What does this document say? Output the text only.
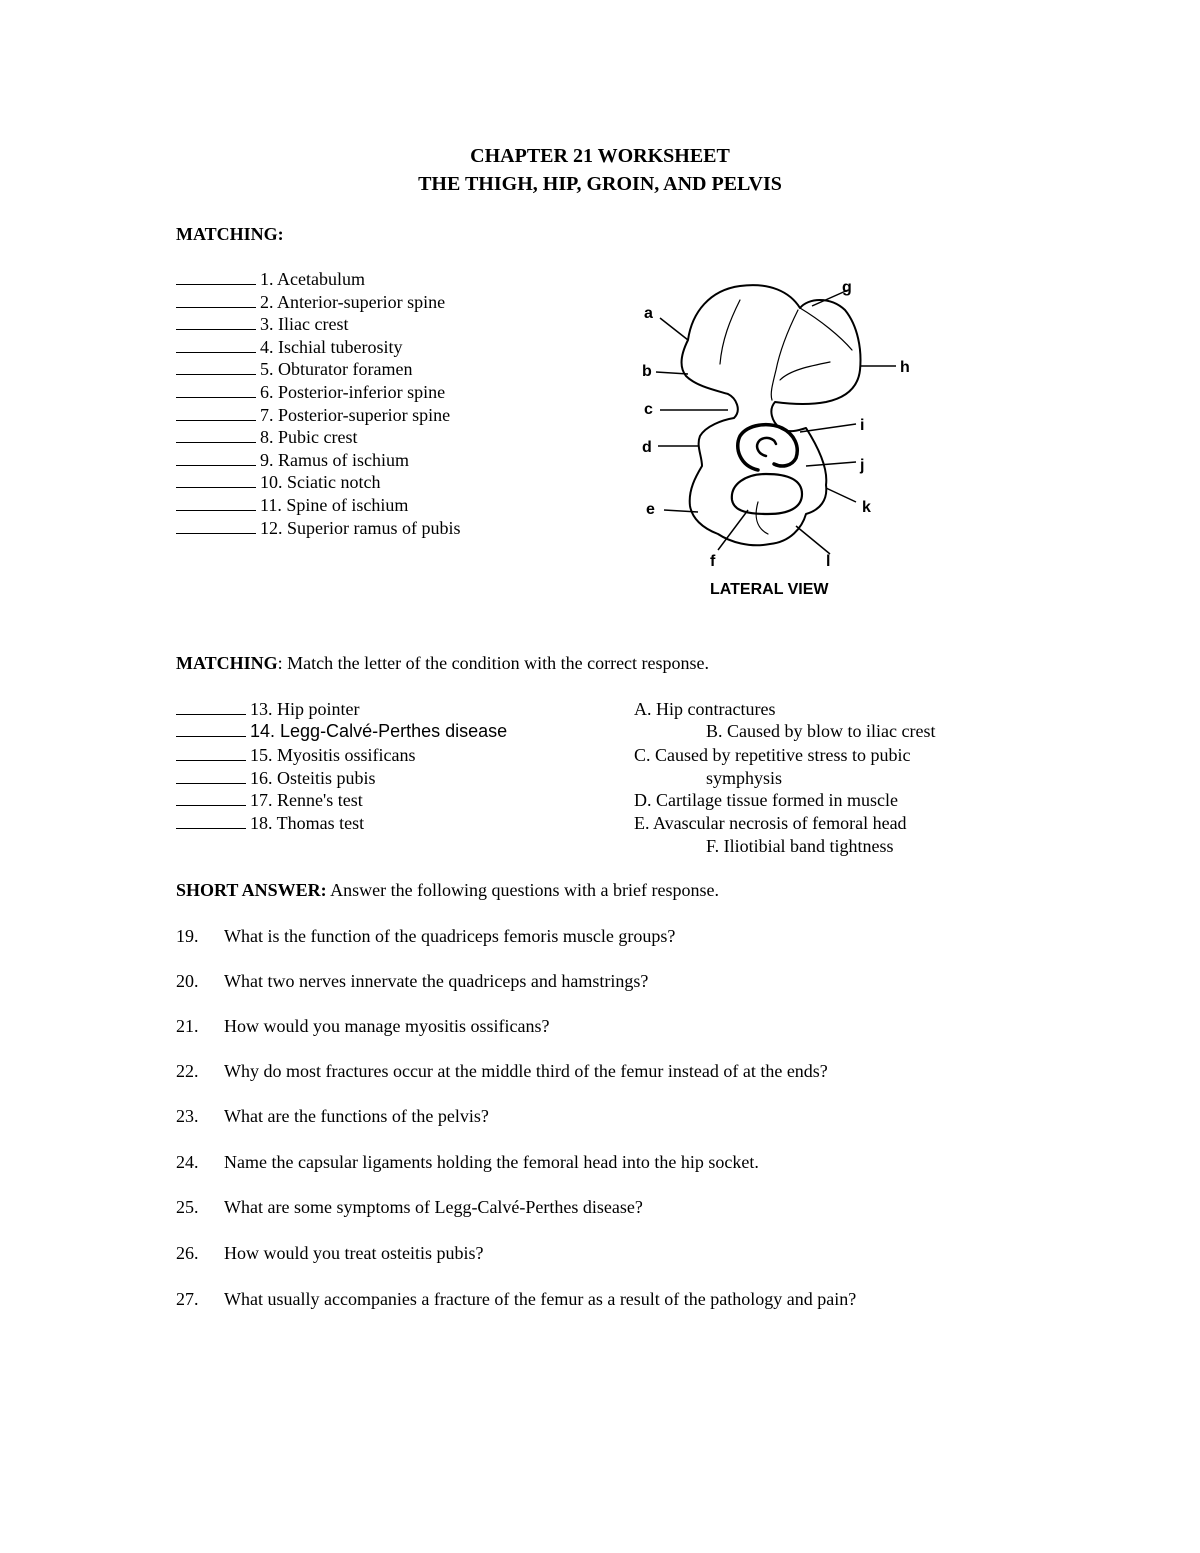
CHAPTER 21 WORKSHEET
THE THIGH, HIP, GROIN, AND PELVIS
MATCHING:
1. Acetabulum
2. Anterior-superior spine
3. Iliac crest
4. Ischial tuberosity
5. Obturator foramen
6. Posterior-inferior spine
7. Posterior-superior spine
8. Pubic crest
9. Ramus of ischium
10. Sciatic notch
11. Spine of ischium
12. Superior ramus of pubis
a
b
c
d
e
f
g
h
i
j
k
l
LATERAL VIEW
MATCHING: Match the letter of the condition with the correct response.
13. Hip pointer
14. Legg-Calvé-Perthes disease
15. Myositis ossificans
16. Osteitis pubis
17. Renne's test
18. Thomas test
A. Hip contractures
B. Caused by blow to iliac crest
C. Caused by repetitive stress to pubic
symphysis
D. Cartilage tissue formed in muscle
E. Avascular necrosis of femoral head
F. Iliotibial band tightness
SHORT ANSWER: Answer the following questions with a brief response.
19. What is the function of the quadriceps femoris muscle groups?
20. What two nerves innervate the quadriceps and hamstrings?
21. How would you manage myositis ossificans?
22. Why do most fractures occur at the middle third of the femur instead of at the ends?
23. What are the functions of the pelvis?
24. Name the capsular ligaments holding the femoral head into the hip socket.
25. What are some symptoms of Legg-Calvé-Perthes disease?
26. How would you treat osteitis pubis?
27. What usually accompanies a fracture of the femur as a result of the pathology and pain?
